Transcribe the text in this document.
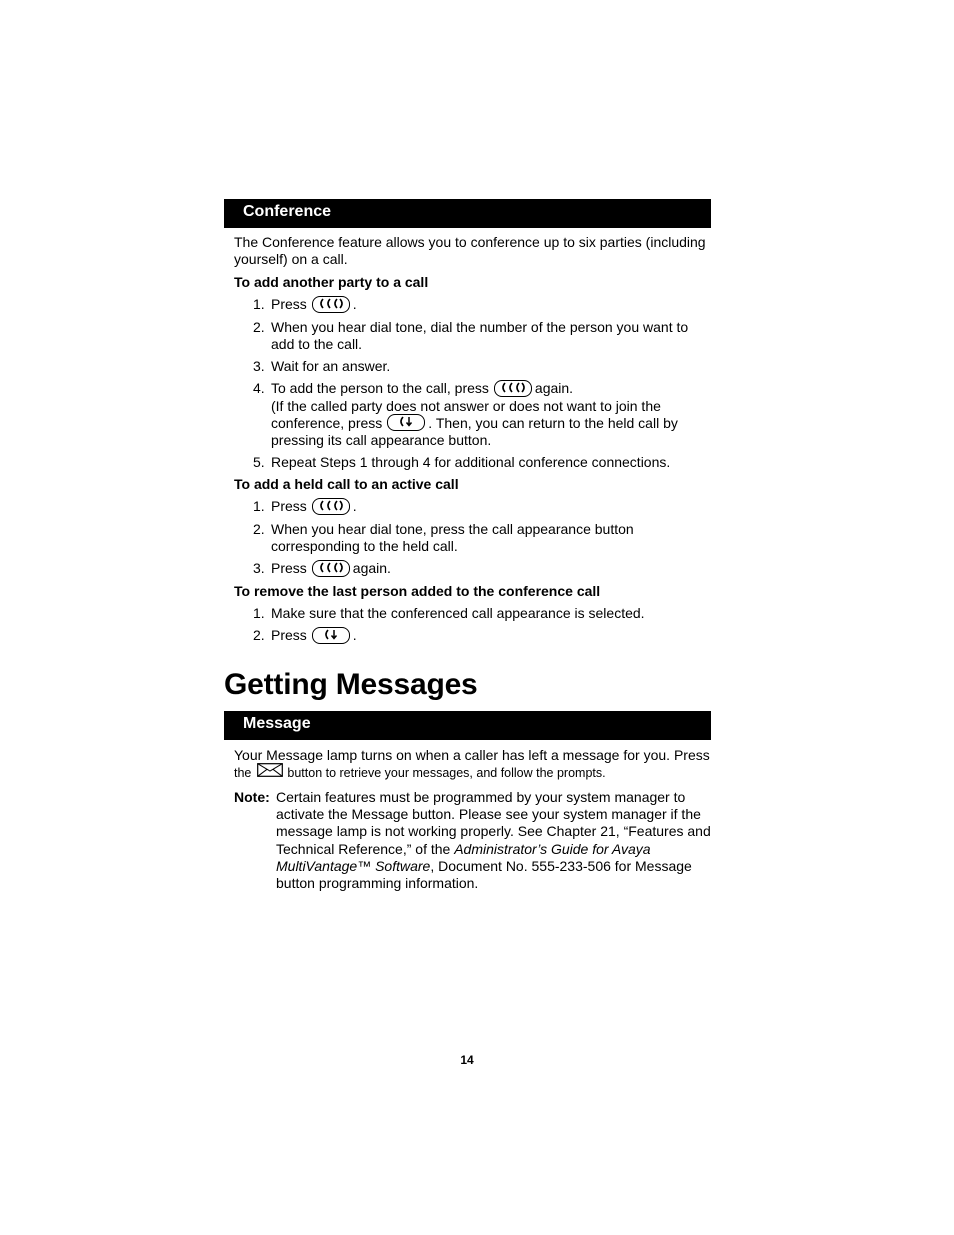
Conference

The Conference feature allows you to conference up to six parties (including yourself) on a call.

To add another party to a call
1. Press	.
2. When you hear dial tone, dial the number of the person you want to add to the call.
3. Wait for an answer.
4. To add the person to the call, press	again.
(If the called party does not answer or does not want to join the conference, press	. Then, you can return to the held call by pressing its call appearance button.
5. Repeat Steps 1 through 4 for additional conference connections.
To add a held call to an active call
1. Press	.
2. When you hear dial tone, press the call appearance button corresponding to the held call.
3. Press	again.
To remove the last person added to the conference call
1. Make sure that the conferenced call appearance is selected.
2. Press	.
Getting Messages
Message

Your Message lamp turns on when a caller has left a message for you. Press
the	button to retrieve your messages, and follow the prompts.

Note: Certain features must be programmed by your system manager to activate the Message button. Please see your system manager if the message lamp is not working properly. See Chapter 21, “Features and Technical Reference,” of the Administrator’s Guide for Avaya MultiVantage™ Software, Document No. 555-233-506 for Message button programming information.
14
